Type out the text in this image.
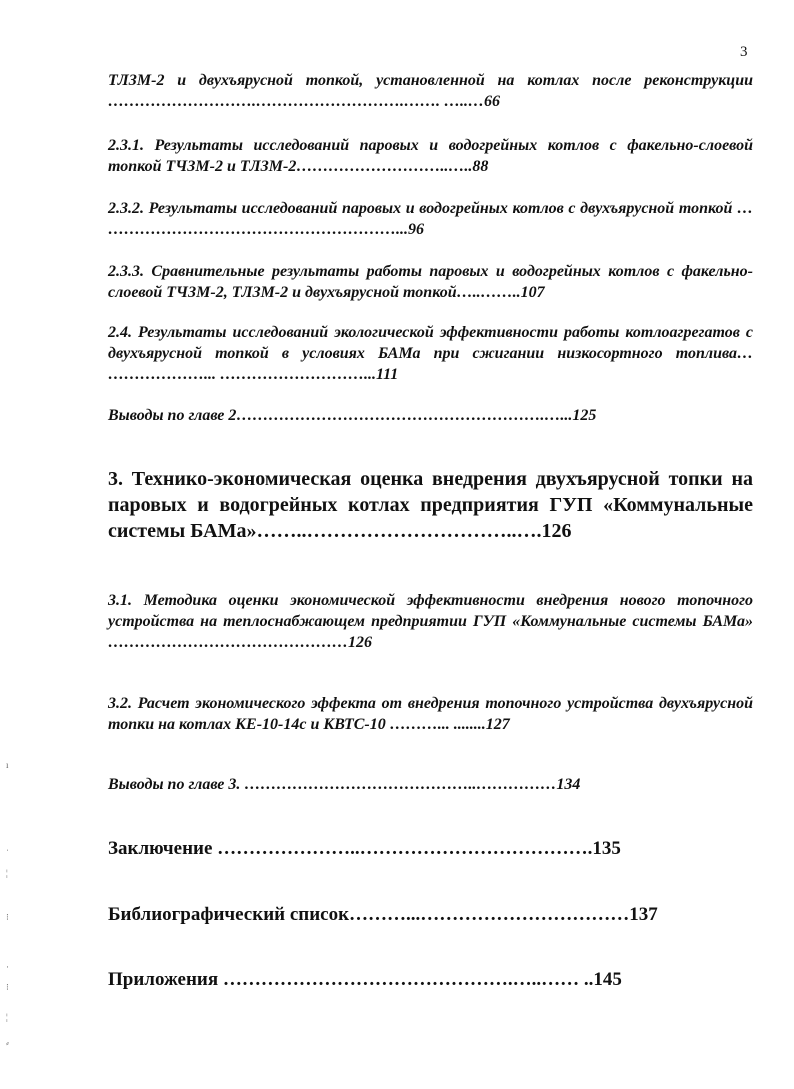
3
ТЛЗМ-2 и двухъярусной топкой, установленной на котлах после реконструкции ……………………….……………………….……. …..…66
2.3.1. Результаты исследований паровых и водогрейных котлов с факельно-слоевой топкой ТЧЗМ-2 и ТЛЗМ-2………………………..…..88
2.3.2. Результаты исследований паровых и водогрейных котлов с двухъярусной топкой … ………………………………………………...96
2.3.3. Сравнительные результаты работы паровых и водогрейных котлов с факельно-слоевой ТЧЗМ-2, ТЛЗМ-2 и двухъярусной топкой…..……..107
2.4. Результаты исследований экологической эффективности работы котлоагрегатов с двухъярусной топкой в условиях БАМа при сжигании низкосортного топлива… ………………... ………………………...111
Выводы по главе 2………………………………………………….…...125
3. Технико-экономическая оценка внедрения двухъярусной топки на паровых и водогрейных котлах предприятия ГУП «Коммунальные системы БАМа»……..…………………………..….126
3.1. Методика оценки экономической эффективности внедрения нового топочного устройства на теплоснабжающем предприятии ГУП «Коммунальные системы БАМа» ………………………………………126
3.2. Расчет экономического эффекта от внедрения топочного устройства двухъярусной топки на котлах КЕ-10-14с и КВТС-10 ………... ........127
Выводы по главе 3. ……………………………………..……………134
Заключение …………………..……………………………….135
Библиографический список………...……………………………137
Приложения ……………………………………….…..…… ..145
ı
ˈ
¦
⁝
·
⁝
¦
⸗
